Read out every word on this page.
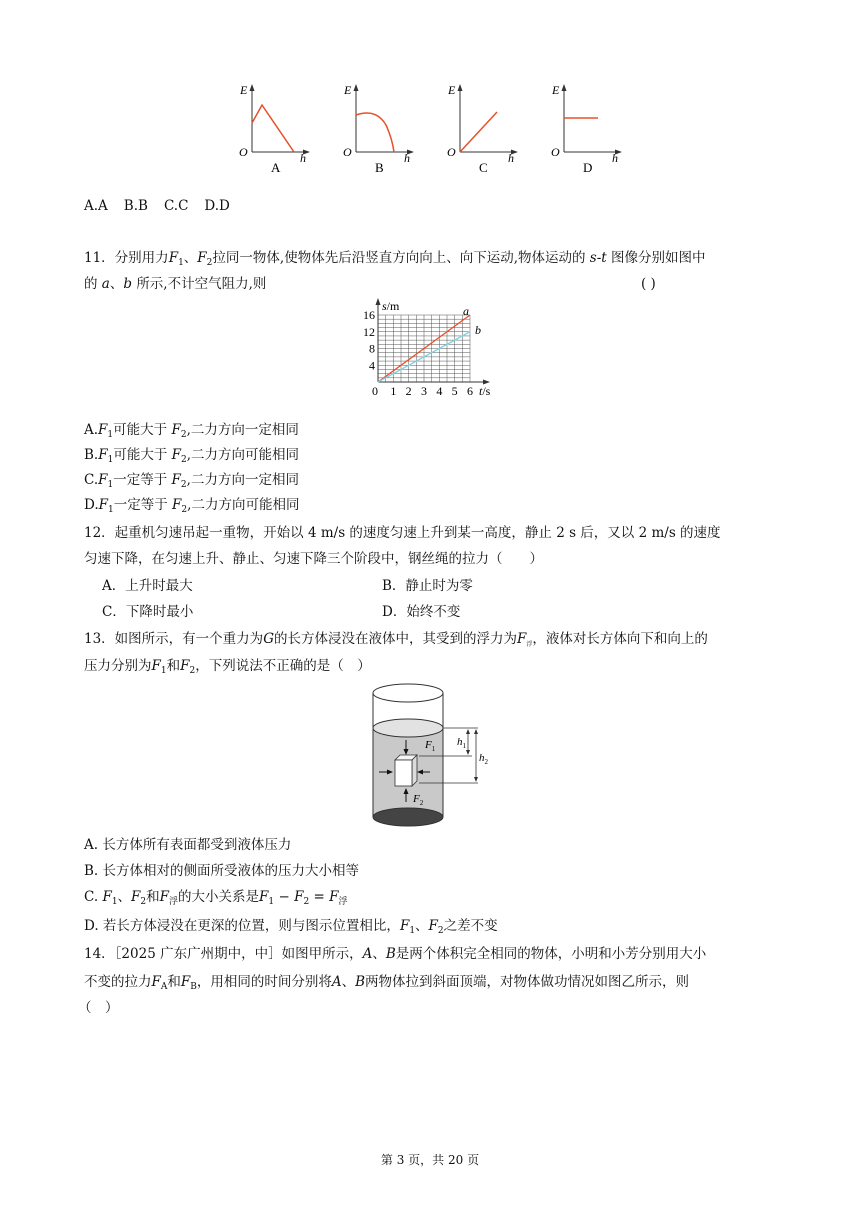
E
O	h
A
E
O	h
B
E
O	h
C
E
O	h
D
A.A B.B C.C D.D
11．分别用力$F_1$、$F_2$拉同一物体,使物体先后沿竖直方向向上、向下运动,物体运动的 s-t 图像分别如图中
的 a、b 所示,不计空气阻力,则	( )
16
12
8
4
0 1 2 3 4 5 6
s/m
t/s
a
b
$A.F_1$可能大于 $F_2$,二力方向一定相同
$B.F_1$可能大于 $F_2$,二力方向可能相同
$C.F_1$一定等于 $F_2$,二力方向一定相同
$D.F_1$一定等于 $F_2$,二力方向可能相同
12．起重机匀速吊起一重物，开始以 4 m/s 的速度匀速上升到某一高度，静止 2 s 后，又以 2 m/s 的速度
匀速下降，在匀速上升、静止、匀速下降三个阶段中，钢丝绳的拉力（　　）
A．上升时最大	B．静止时为零
C．下降时最小	D．始终不变
13．如图所示，有一个重力为G的长方体浸没在液体中，其受到的浮力为$F_浮$，液体对长方体向下和向上的
压力分别为$F_1$和$F_2$，下列说法不正确的是（　）
$F_1$
$F_2$
$h_1$
$h_2$
A. 长方体所有表面都受到液体压力
B. 长方体相对的侧面所受液体的压力大小相等
C. $F_1$、$F_2$和$F_浮$的大小关系是$F_1 - F_2 = F_浮$
D. 若长方体浸没在更深的位置，则与图示位置相比，$F_1$、$F_2$之差不变
14．［2025 广东广州期中，中］如图甲所示，A、B是两个体积完全相同的物体，小明和小芳分别用大小
不变的拉力$F_A$和$F_B$，用相同的时间分别将A、B两物体拉到斜面顶端，对物体做功情况如图乙所示，则
（　）
第 3 页，共 20 页
